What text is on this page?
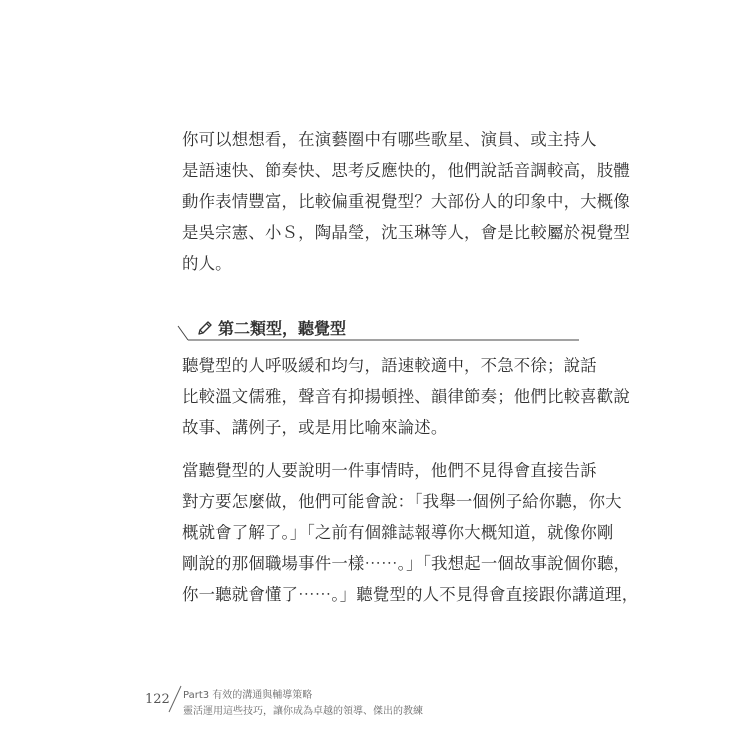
你可以想想看，在演藝圈中有哪些歌星、演員、或主持人
是語速快、節奏快、思考反應快的，他們說話音調較高，肢體
動作表情豐富，比較偏重視覺型？大部份人的印象中，大概像
是吳宗憲、小Ｓ，陶晶瑩，沈玉琳等人，會是比較屬於視覺型
的人。
第二類型，聽覺型
聽覺型的人呼吸緩和均勻，語速較適中，不急不徐；說話
比較溫文儒雅，聲音有抑揚頓挫、韻律節奏；他們比較喜歡說
故事、講例子，或是用比喻來論述。
當聽覺型的人要說明一件事情時，他們不見得會直接告訴
對方要怎麼做，他們可能會說：「我舉一個例子給你聽，你大
概就會了解了。」「之前有個雜誌報導你大概知道，就像你剛
剛說的那個職場事件一樣⋯⋯。」「我想起一個故事說個你聽，
你一聽就會懂了⋯⋯。」聽覺型的人不見得會直接跟你講道理，
122 Part3 有效的溝通與輔導策略
靈活運用這些技巧，讓你成為卓越的領導、傑出的教練
